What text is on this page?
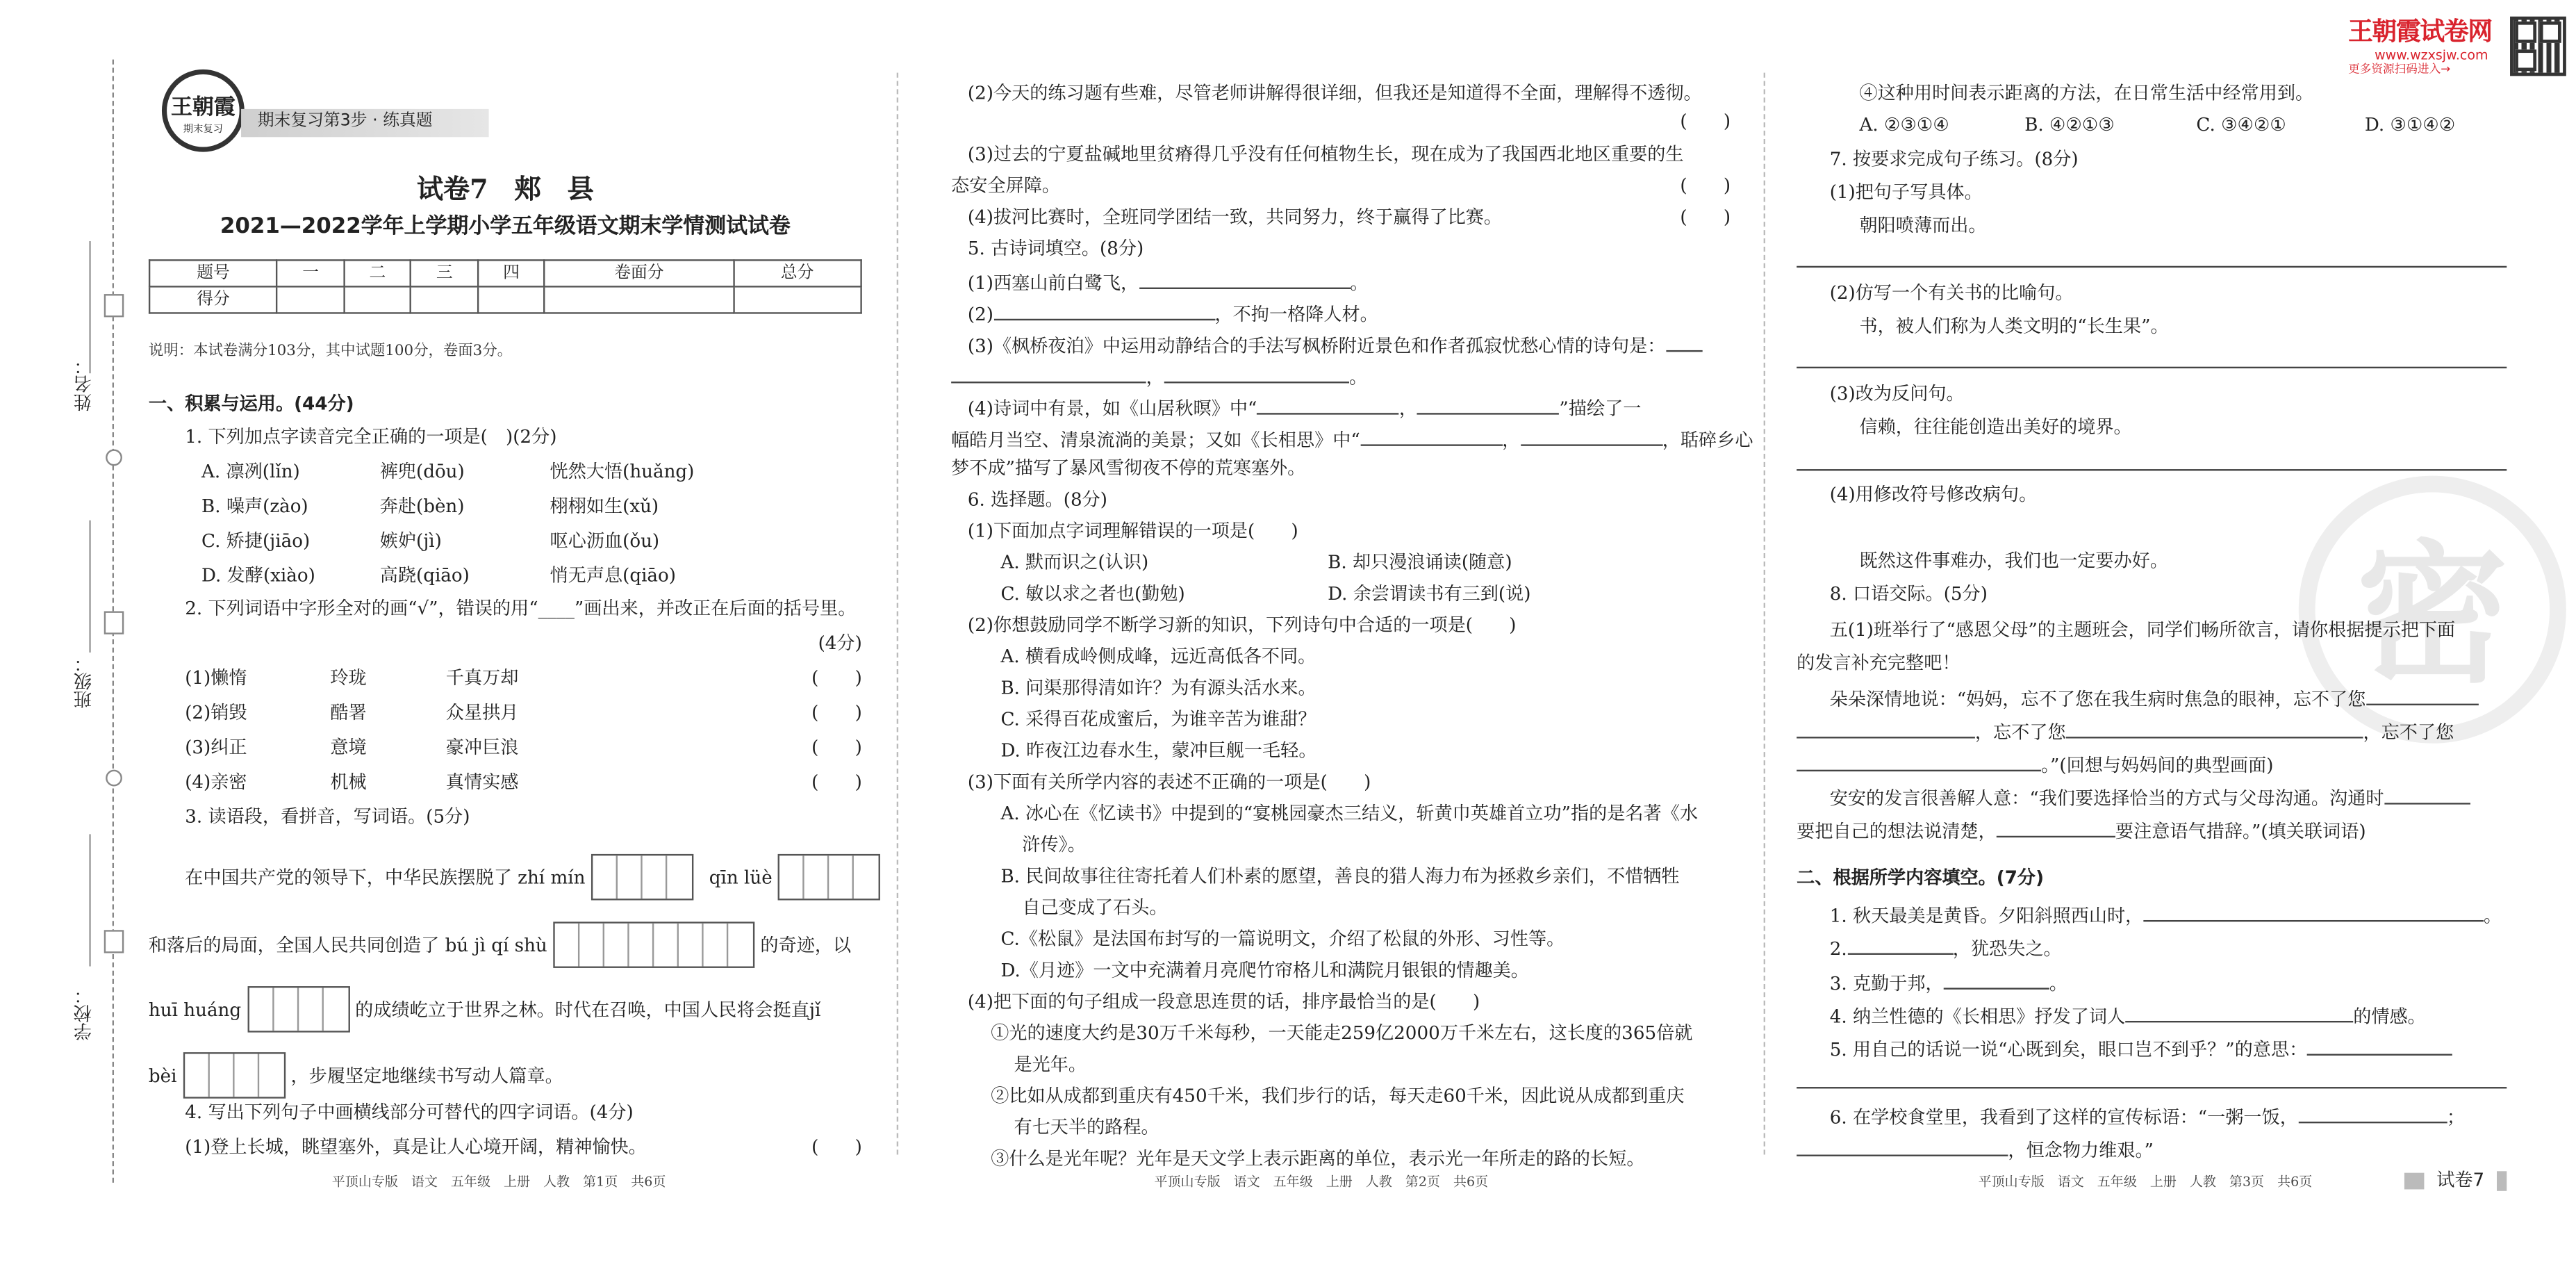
姓名：
班级：
学校：
王朝霞试卷网
www.wzxsjw.com
更多资源扫码进入→
密
王朝霞
期末复习	期末复习第3步 · 练真题
试卷7　郏　县
2021—2022学年上学期小学五年级语文期末学情测试试卷
题号	一	二	三	四	卷面分	总分
得分						
说明：本试卷满分103分，其中试题100分，卷面3分。
一、积累与运用。(44分)
1. 下列加点字读音完全正确的一项是(　)(2分)
A. 凛冽(lǐn)	裤兜(dōu)	恍然大悟(huǎng)
B. 噪声(zào)	奔赴(bèn)	栩栩如生(xǔ)
C. 矫捷(jiāo)	嫉妒(jì)	呕心沥血(ǒu)
D. 发酵(xiào)	高跷(qiāo)	悄无声息(qiāo)
2. 下列词语中字形全对的画“√”，错误的用“____”画出来，并改正在后面的括号里。
(4分)
(1)懒惰	玲珑	千真万却	(　　)
(2)销毁	酷署	众星拱月	(　　)
(3)纠正	意境	豪冲巨浪	(　　)
(4)亲密	机械	真情实感	(　　)
3. 读语段，看拼音，写词语。(5分)
在中国共产党的领导下，中华民族摆脱了 zhí mín	qīn lüè
和落后的局面，全国人民共同创造了 bú jì qí shù	的奇迹，以
huī huáng	的成绩屹立于世界之林。时代在召唤，中国人民将会挺直jǐ
bèi	，步履坚定地继续书写动人篇章。
4. 写出下列句子中画横线部分可替代的四字词语。(4分)
(1)登上长城，眺望塞外，真是让人心境开阔，精神愉快。	(　　)
(2)今天的练习题有些难，尽管老师讲解得很详细，但我还是知道得不全面，理解得不透彻。
(　　)
(3)过去的宁夏盐碱地里贫瘠得几乎没有任何植物生长，现在成为了我国西北地区重要的生
态安全屏障。	(　　)
(4)拔河比赛时，全班同学团结一致，共同努力，终于赢得了比赛。	(　　)
5. 古诗词填空。(8分)
(1)西塞山前白鹭飞，	。
(2)	，不拘一格降人材。
(3)《枫桥夜泊》中运用动静结合的手法写枫桥附近景色和作者孤寂忧愁心情的诗句是：
，	。
(4)诗词中有景，如《山居秋暝》中“	，	”描绘了一
幅皓月当空、清泉流淌的美景；又如《长相思》中“	，	，聒碎乡心
梦不成”描写了暴风雪彻夜不停的荒寒塞外。
6. 选择题。(8分)
(1)下面加点字词理解错误的一项是(　　)
A. 默而识之(认识)	B. 却只漫浪诵读(随意)
C. 敏以求之者也(勤勉)	D. 余尝谓读书有三到(说)
(2)你想鼓励同学不断学习新的知识，下列诗句中合适的一项是(　　)
A. 横看成岭侧成峰，远近高低各不同。
B. 问渠那得清如许？为有源头活水来。
C. 采得百花成蜜后，为谁辛苦为谁甜？
D. 昨夜江边春水生，蒙冲巨舰一毛轻。
(3)下面有关所学内容的表述不正确的一项是(　　)
A. 冰心在《忆读书》中提到的“宴桃园豪杰三结义，斩黄巾英雄首立功”指的是名著《水
浒传》。
B. 民间故事往往寄托着人们朴素的愿望，善良的猎人海力布为拯救乡亲们，不惜牺牲
自己变成了石头。
C.《松鼠》是法国布封写的一篇说明文，介绍了松鼠的外形、习性等。
D.《月迹》一文中充满着月亮爬竹帘格儿和满院月银银的情趣美。
(4)把下面的句子组成一段意思连贯的话，排序最恰当的是(　　)
①光的速度大约是30万千米每秒，一天能走259亿2000万千米左右，这长度的365倍就
是光年。
②比如从成都到重庆有450千米，我们步行的话，每天走60千米，因此说从成都到重庆
有七天半的路程。
③什么是光年呢？光年是天文学上表示距离的单位，表示光一年所走的路的长短。
④这种用时间表示距离的方法，在日常生活中经常用到。
A. ②③①④	B. ④②①③	C. ③④②①	D. ③①④②
7. 按要求完成句子练习。(8分)
(1)把句子写具体。
朝阳喷薄而出。
(2)仿写一个有关书的比喻句。
书，被人们称为人类文明的“长生果”。
(3)改为反问句。
信赖，往往能创造出美好的境界。
(4)用修改符号修改病句。
既然这件事难办，我们也一定要办好。
8. 口语交际。(5分)
五(1)班举行了“感恩父母”的主题班会，同学们畅所欲言，请你根据提示把下面
的发言补充完整吧！
朵朵深情地说：“妈妈，忘不了您在我生病时焦急的眼神，忘不了您
，忘不了您	，忘不了您
。”(回想与妈妈间的典型画面)
安安的发言很善解人意：“我们要选择恰当的方式与父母沟通。沟通时
要把自己的想法说清楚，	要注意语气措辞。”(填关联词语)
二、根据所学内容填空。(7分)
1. 秋天最美是黄昏。夕阳斜照西山时，	。
2.	，犹恐失之。
3. 克勤于邦，	。
4. 纳兰性德的《长相思》抒发了词人	的情感。
5. 用自己的话说一说“心既到矣，眼口岂不到乎？”的意思：
6. 在学校食堂里，我看到了这样的宣传标语：“一粥一饭，	；
，恒念物力维艰。”
平顶山专版　语文　五年级　上册　人教　第1页　共6页	平顶山专版　语文　五年级　上册　人教　第2页　共6页	平顶山专版　语文　五年级　上册　人教　第3页　共6页	试卷7
